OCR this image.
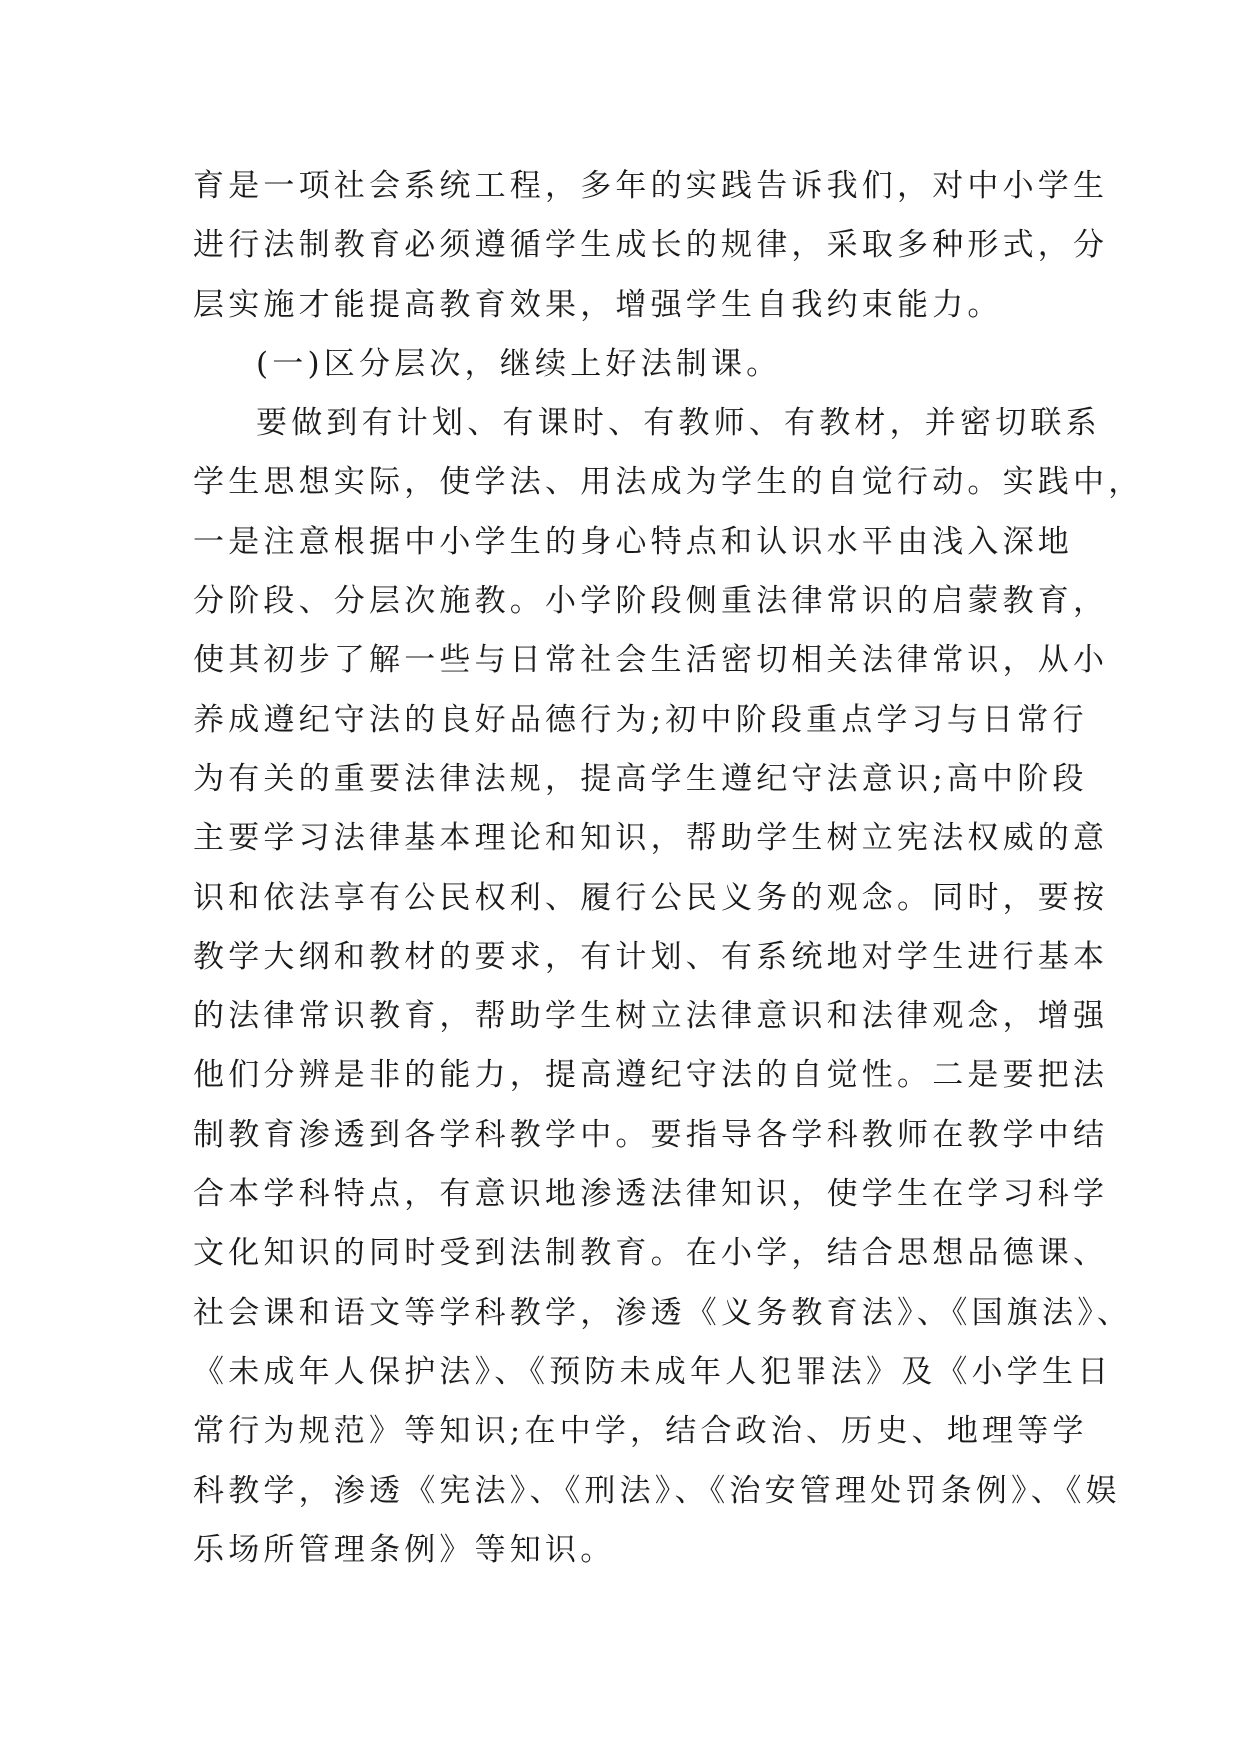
育是一项社会系统工程，多年的实践告诉我们，对中小学生
进行法制教育必须遵循学生成长的规律，采取多种形式，分
层实施才能提高教育效果，增强学生自我约束能力。
(一)区分层次，继续上好法制课。
要做到有计划、有课时、有教师、有教材，并密切联系
学生思想实际，使学法、用法成为学生的自觉行动。实践中，
一是注意根据中小学生的身心特点和认识水平由浅入深地
分阶段、分层次施教。小学阶段侧重法律常识的启蒙教育，
使其初步了解一些与日常社会生活密切相关法律常识，从小
养成遵纪守法的良好品德行为;初中阶段重点学习与日常行
为有关的重要法律法规，提高学生遵纪守法意识;高中阶段
主要学习法律基本理论和知识，帮助学生树立宪法权威的意
识和依法享有公民权利、履行公民义务的观念。同时，要按
教学大纲和教材的要求，有计划、有系统地对学生进行基本
的法律常识教育，帮助学生树立法律意识和法律观念，增强
他们分辨是非的能力，提高遵纪守法的自觉性。二是要把法
制教育渗透到各学科教学中。要指导各学科教师在教学中结
合本学科特点，有意识地渗透法律知识，使学生在学习科学
文化知识的同时受到法制教育。在小学，结合思想品德课、
社会课和语文等学科教学，渗透《义务教育法》、《国旗法》、
《未成年人保护法》、《预防未成年人犯罪法》及《小学生日
常行为规范》等知识;在中学，结合政治、历史、地理等学
科教学，渗透《宪法》、《刑法》、《治安管理处罚条例》、《娱
乐场所管理条例》等知识。
